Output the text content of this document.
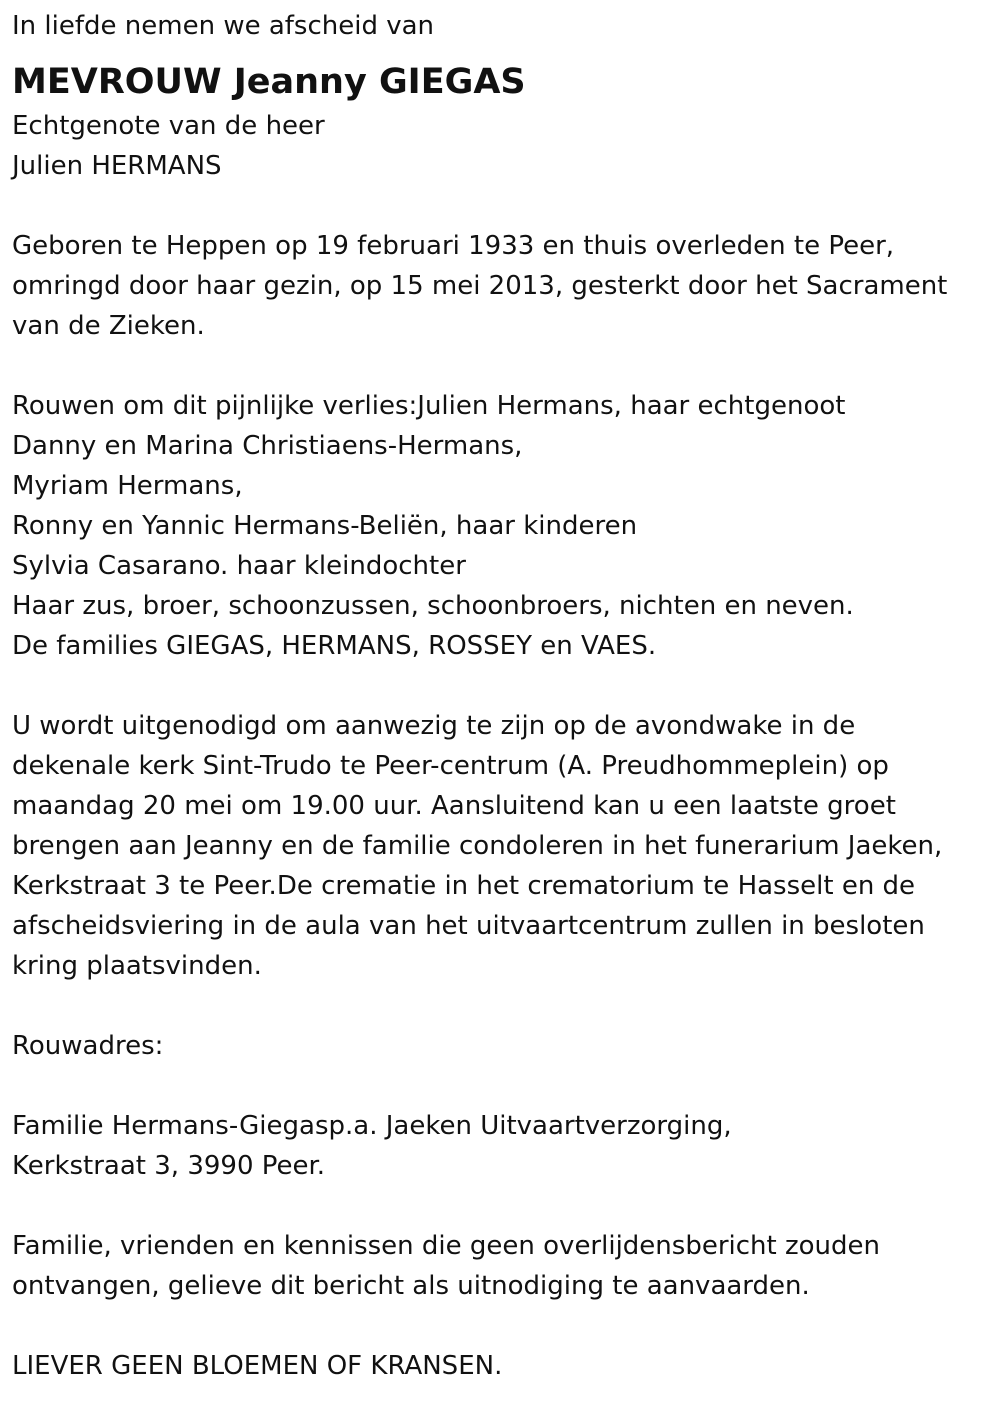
In liefde nemen we afscheid van

MEVROUW Jeanny GIEGAS

Echtgenote van de heer

Julien HERMANS

Geboren te Heppen op 19 februari 1933 en thuis overleden te Peer,

omringd door haar gezin, op 15 mei 2013, gesterkt door het Sacrament

van de Zieken.

Rouwen om dit pijnlijke verlies:Julien Hermans, haar echtgenoot

Danny en Marina Christiaens-Hermans,

Myriam Hermans,

Ronny en Yannic Hermans-Beliën, haar kinderen

Sylvia Casarano. haar kleindochter

Haar zus, broer, schoonzussen, schoonbroers, nichten en neven.

De families GIEGAS, HERMANS, ROSSEY en VAES.

U wordt uitgenodigd om aanwezig te zijn op de avondwake in de

dekenale kerk Sint-Trudo te Peer-centrum (A. Preudhommeplein) op

maandag 20 mei om 19.00 uur. Aansluitend kan u een laatste groet

brengen aan Jeanny en de familie condoleren in het funerarium Jaeken,

Kerkstraat 3 te Peer.De crematie in het crematorium te Hasselt en de

afscheidsviering in de aula van het uitvaartcentrum zullen in besloten

kring plaatsvinden.

Rouwadres:

Familie Hermans-Giegasp.a. Jaeken Uitvaartverzorging,

Kerkstraat 3, 3990 Peer.

Familie, vrienden en kennissen die geen overlijdensbericht zouden

ontvangen, gelieve dit bericht als uitnodiging te aanvaarden.

LIEVER GEEN BLOEMEN OF KRANSEN.
